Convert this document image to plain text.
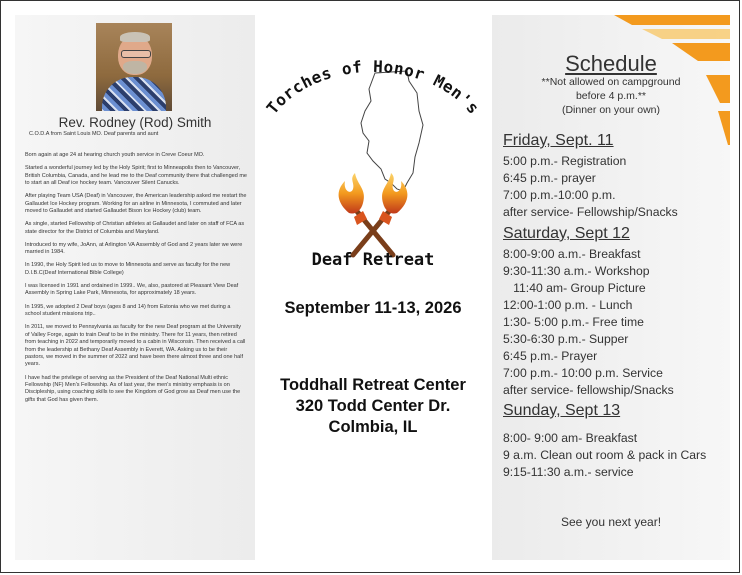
Rev. Rodney (Rod) Smith
C.O.D.A from Saint Louis MO. Deaf parents and aunt

Born again at age 24 at hearing church youth service in Creve Coeur MO.

Started a wonderful journey led by the Holy Spirit; first to Minneapolis then to Vancouver, British Columbia, Canada, and he lead me to the Deaf community there that challenged me to start an all Deaf ice hockey team. Vancouver Silent Canucks.

After playing Team USA (Deaf) in Vancouver, the American leadership asked me restart the Gallaudet Ice Hockey program. Working for an airline in Minnesota, I commuted and later moved to Gallaudet and started Gallaudet Bison Ice Hockey (club) team.

As single, started Fellowship of Christian athletes at Gallaudet and later on staff of FCA as state director for the District of Columbia and Maryland.

Introduced to my wife, JoAnn, at Arlington VA Assembly of God and 2 years later we were married in 1984.

In 1990, the Holy Spirit led us to move to Minnesota and serve as faculty for the new D.I.B.C(Deaf International Bible College)

I was licensed in 1991 and ordained in 1999.. We, also, pastored at Pleasant View Deaf Assembly in Spring Lake Park, Minnesota, for approximately 18 years.

In 1995, we adopted 2 Deaf boys (ages 8 and 14) from Estonia who we met during a school student missions trip..

In 2011, we moved to Pennsylvania as faculty for the new Deaf program at the University of Valley Forge, again to train Deaf to be in the ministry. There for 11 years, then retired from teaching in 2022 and temporarily moved to a cabin in Wisconsin. Then received a call from the leadership at Bethany Deaf Assembly in Everett, WA. Asking us to be their pastors, we moved in the summer of 2022 and have been there almost three and one half years.

I have had the privilege of serving as the President of the Deaf National Multi ethnic Fellowship (NF) Men's Fellowship. As of last year, the men's ministry emphasis is on Discipleship, using coaching skills to see the Kingdom of God grow as Deaf men use the gifts that God has given them.

Torches of Honor Men's
Deaf Retreat
September 11-13, 2026
Toddhall Retreat Center
320 Todd Center Dr.
Colmbia, IL
Schedule
**Not allowed on campground
before 4 p.m.**
(Dinner on your own)
Friday, Sept. 11
5:00 p.m.- Registration
6:45 p.m.- prayer
7:00 p.m.-10:00 p.m.
after service- Fellowship/Snacks
Saturday, Sept 12
8:00-9:00 a.m.- Breakfast
9:30-11:30 a.m.- Workshop
11:40 am- Group Picture
12:00-1:00 p.m. - Lunch
1:30- 5:00 p.m.- Free time
5:30-6:30 p.m.- Supper
6:45 p.m.- Prayer
7:00 p.m.- 10:00 p.m. Service
after service- fellowship/Snacks
Sunday, Sept 13
8:00- 9:00 am- Breakfast
9 a.m. Clean out room & pack in Cars
9:15-11:30 a.m.- service
See you next year!
